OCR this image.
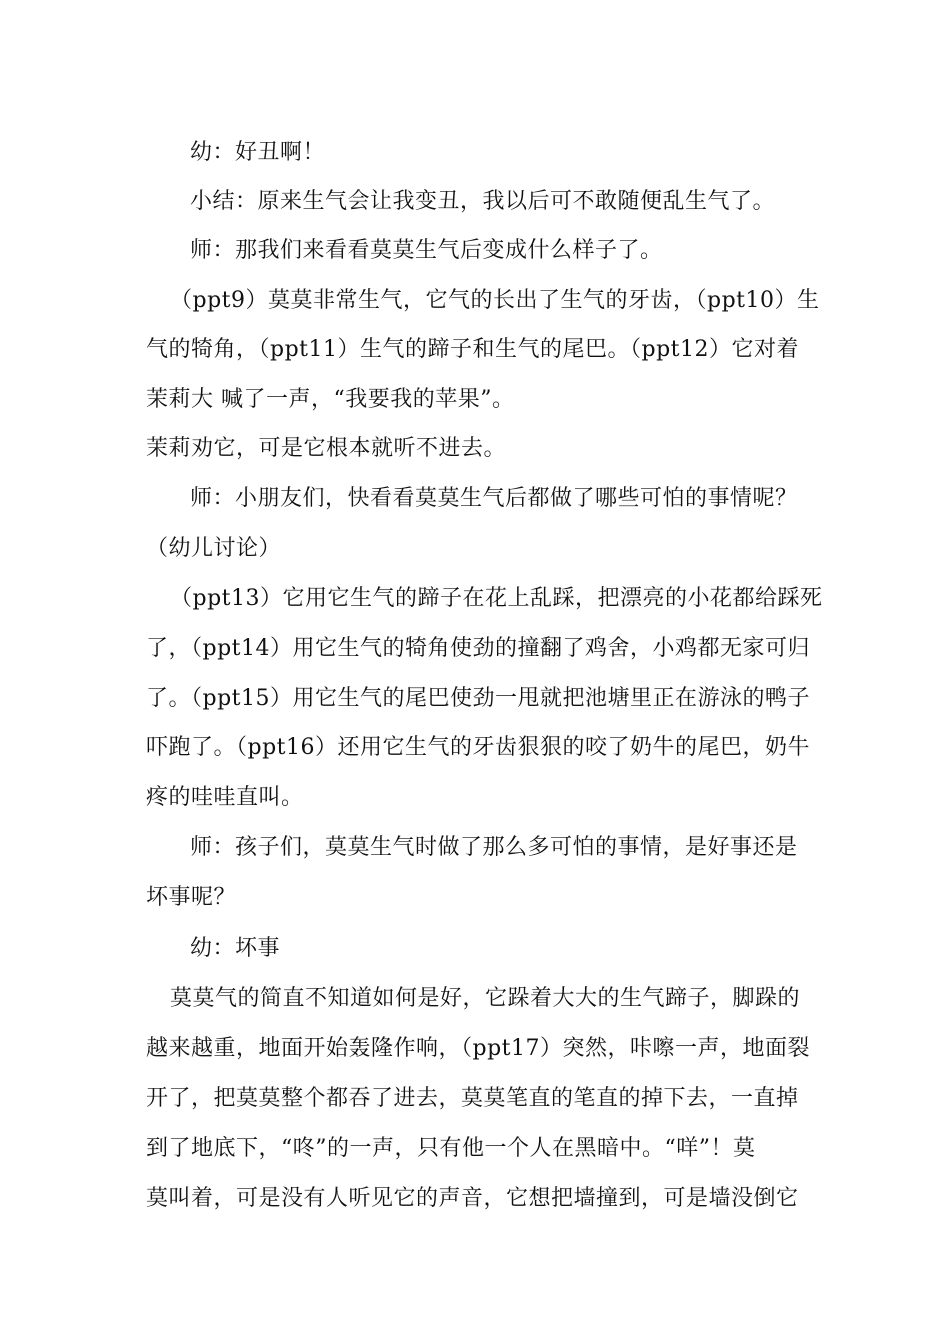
幼：好丑啊！
小结：原来生气会让我变丑，我以后可不敢随便乱生气了。
师：那我们来看看莫莫生气后变成什么样子了。
（ppt9）莫莫非常生气，它气的长出了生气的牙齿，（ppt10）生
气的犄角，（ppt11）生气的蹄子和生气的尾巴。（ppt12）它对着
茉莉大 喊了一声，“我要我的苹果”。
茉莉劝它，可是它根本就听不进去。
师：小朋友们，快看看莫莫生气后都做了哪些可怕的事情呢？
（幼儿讨论）
（ppt13）它用它生气的蹄子在花上乱踩，把漂亮的小花都给踩死
了，（ppt14）用它生气的犄角使劲的撞翻了鸡舍，小鸡都无家可归
了。（ppt15）用它生气的尾巴使劲一甩就把池塘里正在游泳的鸭子
吓跑了。（ppt16）还用它生气的牙齿狠狠的咬了奶牛的尾巴，奶牛
疼的哇哇直叫。
师：孩子们，莫莫生气时做了那么多可怕的事情，是好事还是
坏事呢？
幼：坏事
莫莫气的简直不知道如何是好，它跺着大大的生气蹄子，脚跺的
越来越重，地面开始轰隆作响，（ppt17）突然，咔嚓一声，地面裂
开了，把莫莫整个都吞了进去，莫莫笔直的笔直的掉下去，一直掉
到了地底下，“咚”的一声，只有他一个人在黑暗中。“咩”！莫
莫叫着，可是没有人听见它的声音，它想把墙撞到，可是墙没倒它
